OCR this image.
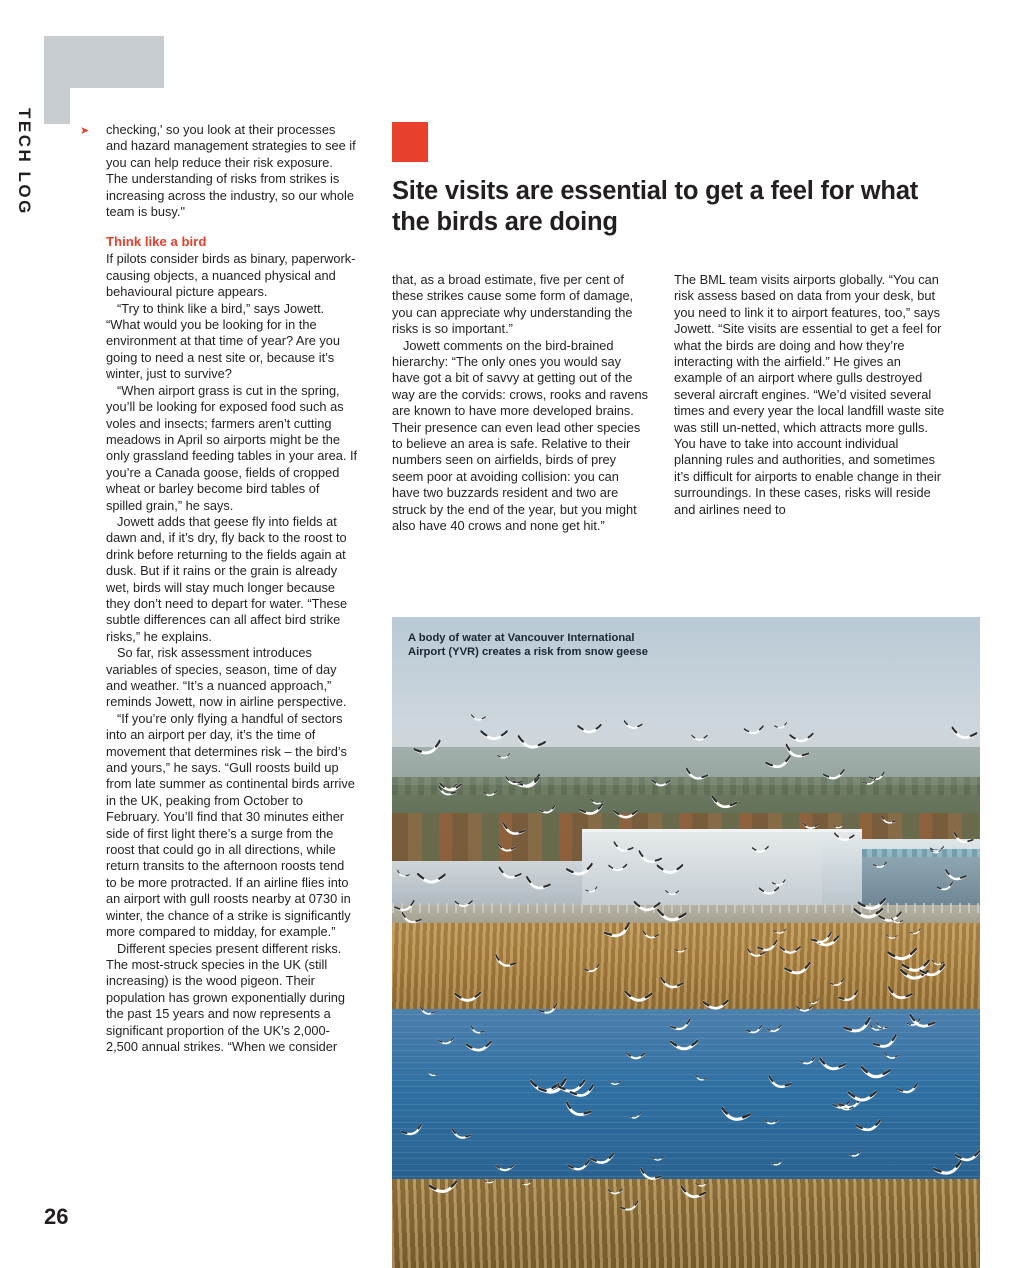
TECH LOG
26
➤ checking,' so you look at their processes and hazard management strategies to see if you can help reduce their risk exposure. The understanding of risks from strikes is increasing across the industry, so our whole team is busy."

Think like a bird

If pilots consider birds as binary, paperwork-causing objects, a nuanced physical and behavioural picture appears.

“Try to think like a bird,” says Jowett. “What would you be looking for in the environment at that time of year? Are you going to need a nest site or, because it’s winter, just to survive?

“When airport grass is cut in the spring, you’ll be looking for exposed food such as voles and insects; farmers aren’t cutting meadows in April so airports might be the only grassland feeding tables in your area. If you’re a Canada goose, fields of cropped wheat or barley become bird tables of spilled grain,” he says.

Jowett adds that geese fly into fields at dawn and, if it’s dry, fly back to the roost to drink before returning to the fields again at dusk. But if it rains or the grain is already wet, birds will stay much longer because they don’t need to depart for water. “These subtle differences can all affect bird strike risks,” he explains.

So far, risk assessment introduces variables of species, season, time of day and weather. “It’s a nuanced approach,” reminds Jowett, now in airline perspective.

“If you’re only flying a handful of sectors into an airport per day, it’s the time of movement that determines risk – the bird’s and yours,” he says. “Gull roosts build up from late summer as continental birds arrive in the UK, peaking from October to February. You’ll find that 30 minutes either side of first light there’s a surge from the roost that could go in all directions, while return transits to the afternoon roosts tend to be more protracted. If an airline flies into an airport with gull roosts nearby at 0730 in winter, the chance of a strike is significantly more compared to midday, for example.”

Different species present different risks. The most-struck species in the UK (still increasing) is the wood pigeon. Their population has grown exponentially during the past 15 years and now represents a significant proportion of the UK’s 2,000-2,500 annual strikes. “When we consider

Site visits are essential to get a feel for what the birds are doing

that, as a broad estimate, five per cent of these strikes cause some form of damage, you can appreciate why understanding the risks is so important.”

Jowett comments on the bird-brained hierarchy: “The only ones you would say have got a bit of savvy at getting out of the way are the corvids: crows, rooks and ravens are known to have more developed brains. Their presence can even lead other species to believe an area is safe. Relative to their numbers seen on airfields, birds of prey seem poor at avoiding collision: you can have two buzzards resident and two are struck by the end of the year, but you might also have 40 crows and none get hit.”

The BML team visits airports globally. “You can risk assess based on data from your desk, but you need to link it to airport features, too,” says Jowett. “Site visits are essential to get a feel for what the birds are doing and how they’re interacting with the airfield.” He gives an example of an airport where gulls destroyed several aircraft engines. “We’d visited several times and every year the local landfill waste site was still un-netted, which attracts more gulls. You have to take into account individual planning rules and authorities, and sometimes it’s difficult for airports to enable change in their surroundings. In these cases, risks will reside and airlines need to

A body of water at Vancouver International Airport (YVR) creates a risk from snow geese
